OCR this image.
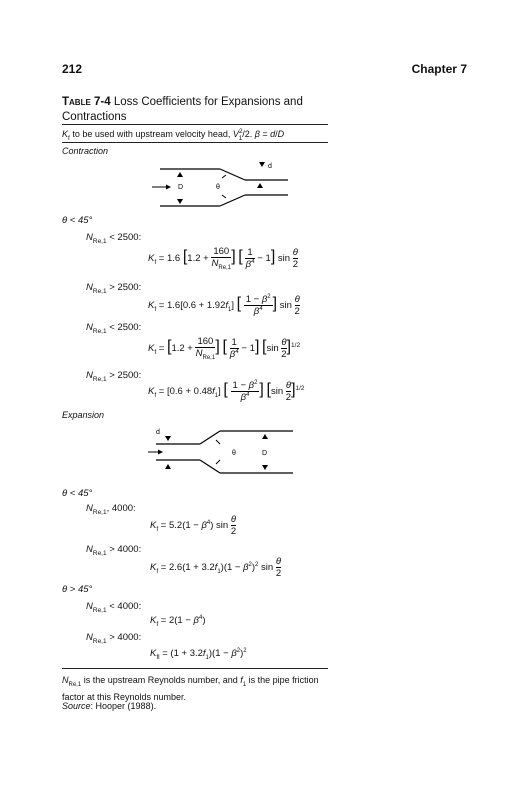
212	Chapter 7
Table 7-4 Loss Coefficients for Expansions and Contractions
$K_f$ to be used with upstream velocity head, $V^2_1/2$. β = d/D
Contraction
D	θ
d
θ < 45°
$N_{Re,1} < 2500$:
$K_f = 1.6$ [1.2 +
160
$N_{Re,1}$
] [ $\frac{1}{\beta^4} - 1$] $\sin \frac{\theta}{2}$
$N_{Re,1} > 2500$:
$K_f = 1.6[0.6 + 1.92f_1]$ [ $\frac{1 - \beta^2}{\beta^4}$ ] $\sin \frac{\theta}{2}$
$N_{Re,1} < 2500$:
$K_f = [1.2$ +
160
$N_{Re,1}$
] [ $\frac{1}{\beta^4} - 1$] $[\sin \frac{\theta}{2} ]^{1/2}$
$N_{Re,1} > 2500$:
$K_f = [0.6 + 0.48f_1]$ [ $\frac{1 - \beta^2}{\beta^4}$ ] $[\sin \frac{\theta}{2} ]^{1/2}$
Expansion
d
θ	D
θ < 45°
$N_{Re,1}$, 4000:
$K_f = 5.2(1 - \beta^4)$ $\sin \frac{\theta}{2}$
$N_{Re,1} > 4000$:
$K_f = 2.6(1 + 3.2f_1)(1 - \beta^2)^2$ $\sin \frac{\theta}{2}$
θ > 45°
$N_{Re,1} < 4000$:
$K_f = 2(1 - \beta^4)$
$N_{Re,1} > 4000$:
$K_{fl} = (1 + 3.2f_1)(1 - \beta^2)^2$
$N_{Re,1}$ is the upstream Reynolds number, and $f_1$ is the pipe friction factor at this Reynolds number.
Source: Hooper (1988).
